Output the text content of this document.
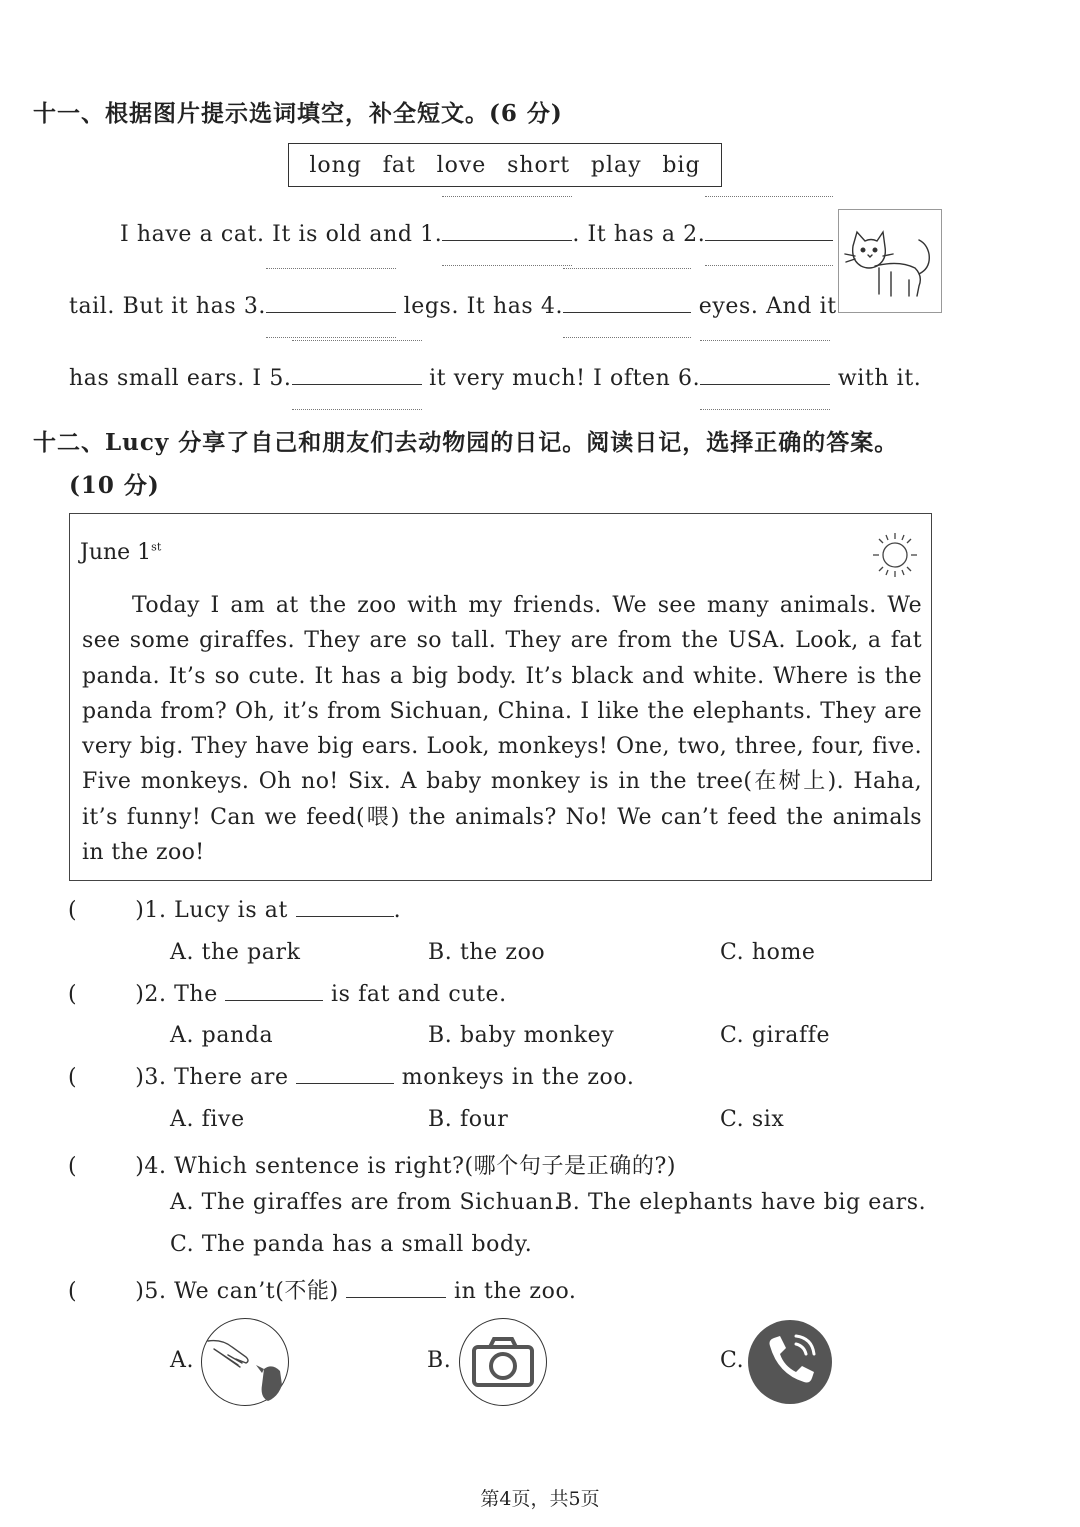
十一、根据图片提示选词填空，补全短文。(6 分)
long fat love short play big
I have a cat. It is old and 1.	. It has a 2.
tail. But it has 3.	legs. It has 4.	eyes. And it
has small ears. I 5.	it very much! I often 6.	with it.
十二、Lucy 分享了自己和朋友们去动物园的日记。阅读日记，选择正确的答案。
(10 分)
June 1st
Today I am at the zoo with my friends. We see many animals. We see some giraffes. They are so tall. They are from the USA. Look, a fat panda. It’s so cute. It has a big body. It’s black and white. Where is the panda from? Oh, it’s from Sichuan, China. I like the elephants. They are very big. They have big ears. Look, monkeys! One, two, three, four, five. Five monkeys. Oh no! Six. A baby monkey is in the tree(在树上). Haha, it’s funny! Can we feed(喂) the animals? No! We can’t feed the animals in the zoo!
(	)1. Lucy is at	.
A. the park	B. the zoo	C. home
(	)2. The	is fat and cute.
A. panda	B. baby monkey	C. giraffe
(	)3. There are	monkeys in the zoo.
A. five	B. four	C. six
(	)4. Which sentence is right?(哪个句子是正确的?)
A. The giraffes are from Sichuan.
B. The elephants have big ears.
C. The panda has a small body.
(	)5. We can’t(不能)	in the zoo.
A.	B.	C.
第4页，共5页
